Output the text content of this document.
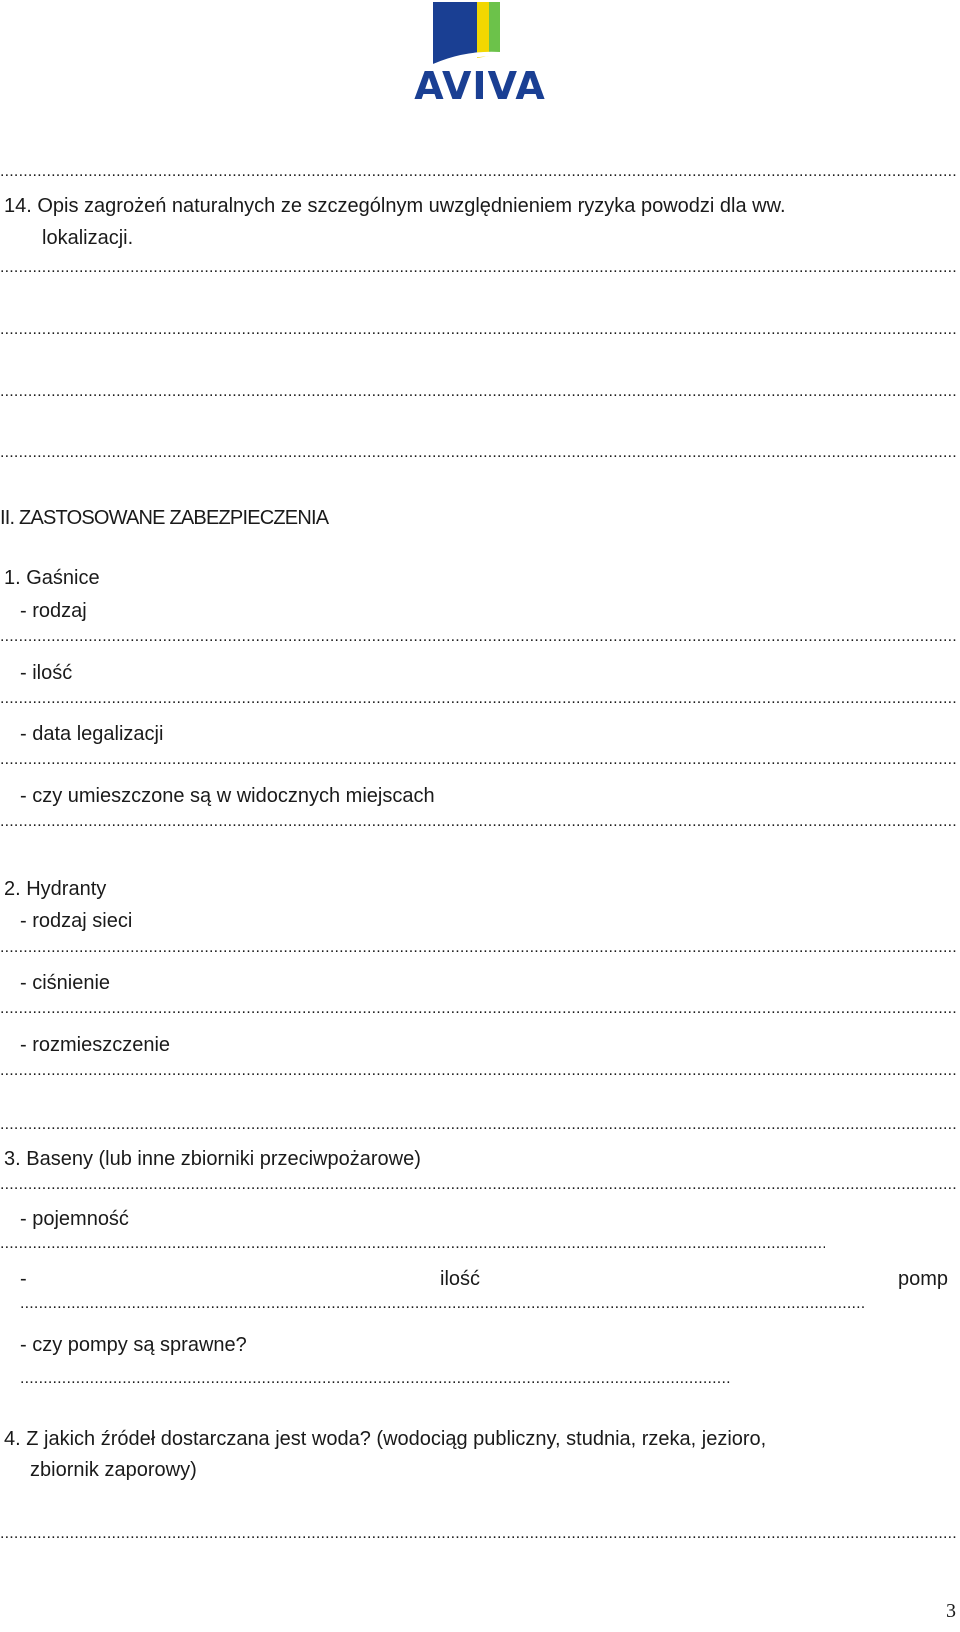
AVIVA
.....
14. Opis zagrożeń naturalnych ze szczególnym uwzględnieniem ryzyka powodzi dla ww.
lokalizacji.
.....
.....
.....
.....
II. ZASTOSOWANE ZABEZPIECZENIA
1. Gaśnice
- rodzaj
.....
- ilość
.....
- data legalizacji
.....
- czy umieszczone są w widocznych miejscach
.....
2. Hydranty
- rodzaj sieci
.....
- ciśnienie
.....
- rozmieszczenie
.....
.....
3. Baseny (lub inne zbiorniki przeciwpożarowe)
.....
- pojemność
.....
-	ilość	pomp
.....
- czy pompy są sprawne?
.....
4. Z jakich źródeł dostarczana jest woda? (wodociąg publiczny, studnia, rzeka, jezioro,
zbiornik zaporowy)
.....
3
